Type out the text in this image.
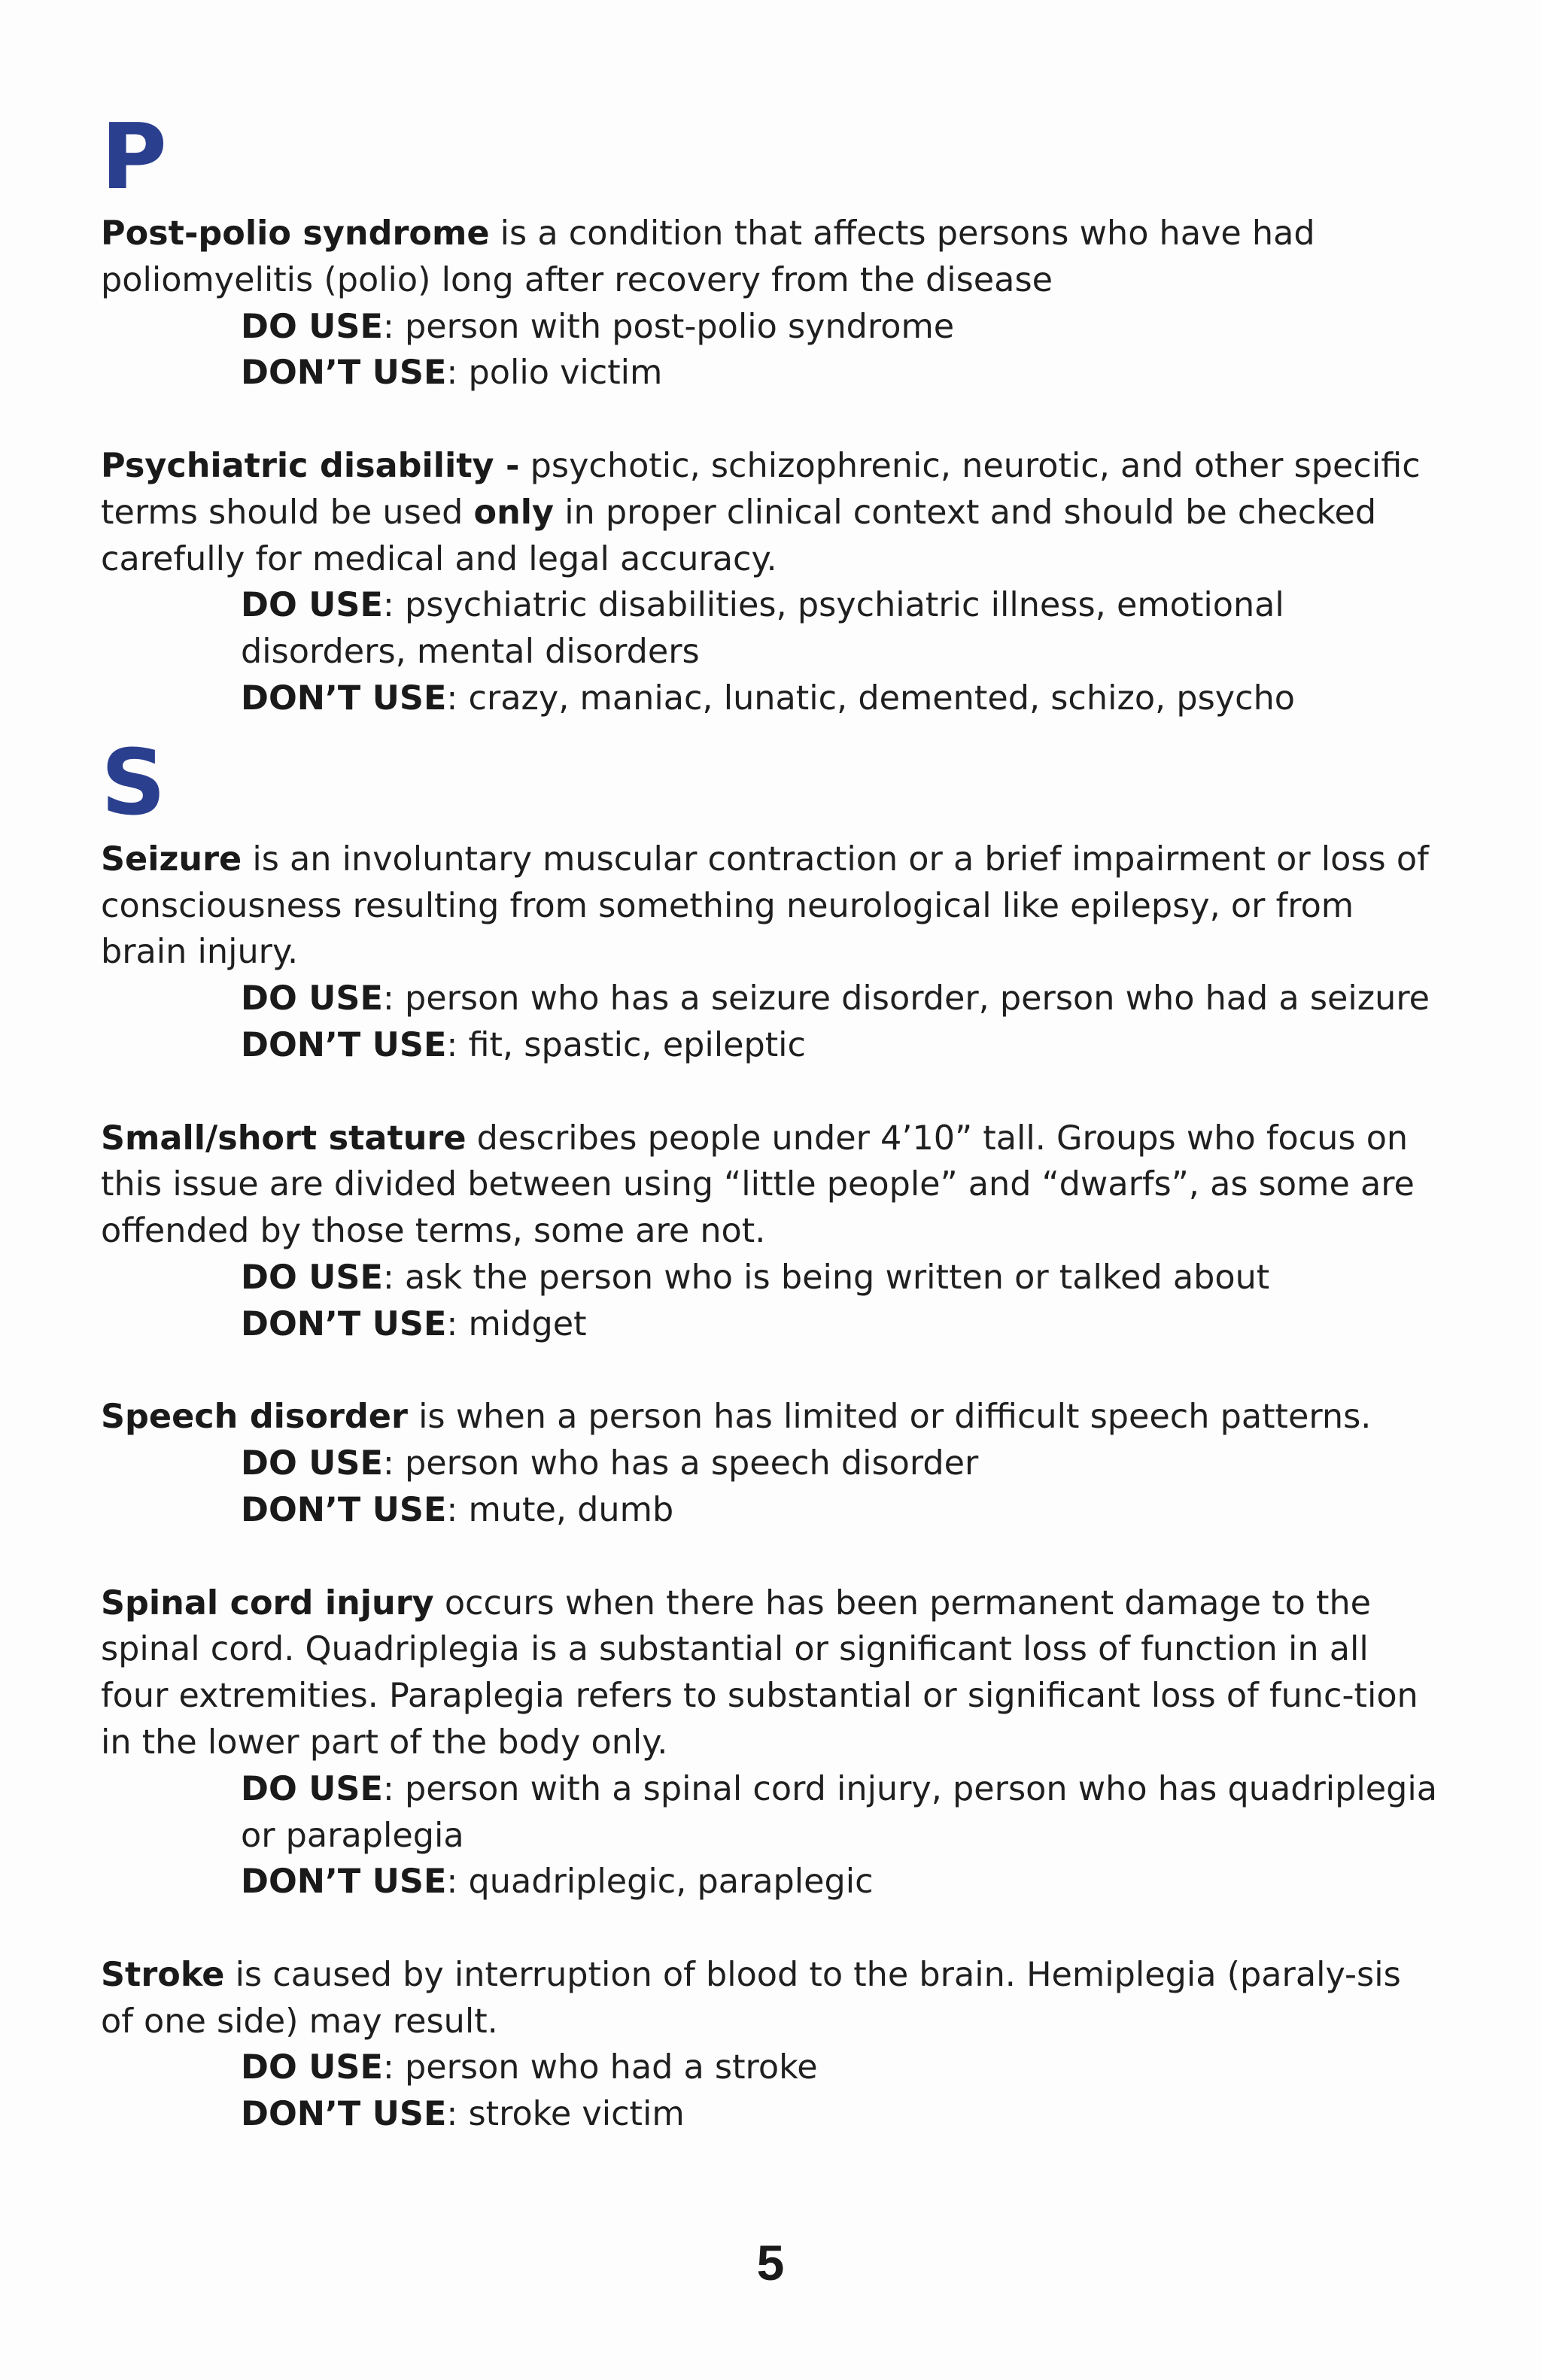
P

Post-polio syndrome is a condition that affects persons who have had poliomyelitis (polio) long after recovery from the disease

DO USE: person with post-polio syndrome

DON’T USE: polio victim

Psychiatric disability - psychotic, schizophrenic, neurotic, and other specific terms should be used only in proper clinical context and should be checked carefully for medical and legal accuracy.

DO USE: psychiatric disabilities, psychiatric illness, emotional disorders, mental disorders

DON’T USE: crazy, maniac, lunatic, demented, schizo, psycho

S

Seizure is an involuntary muscular contraction or a brief impairment or loss of consciousness resulting from something neurological like epilepsy, or from brain injury.

DO USE: person who has a seizure disorder, person who had a seizure

DON’T USE: fit, spastic, epileptic

Small/short stature describes people under 4’10” tall. Groups who focus on this issue are divided between using “little people” and “dwarfs”, as some are offended by those terms, some are not.

DO USE: ask the person who is being written or talked about

DON’T USE: midget

Speech disorder is when a person has limited or difficult speech patterns.

DO USE: person who has a speech disorder

DON’T USE: mute, dumb

Spinal cord injury occurs when there has been permanent damage to the spinal cord. Quadriplegia is a substantial or significant loss of function in all four extremities. Paraplegia refers to substantial or significant loss of func-tion in the lower part of the body only.

DO USE: person with a spinal cord injury, person who has quadriplegia or paraplegia

DON’T USE: quadriplegic, paraplegic

Stroke is caused by interruption of blood to the brain. Hemiplegia (paraly-sis of one side) may result.

DO USE: person who had a stroke

DON’T USE: stroke victim

5
